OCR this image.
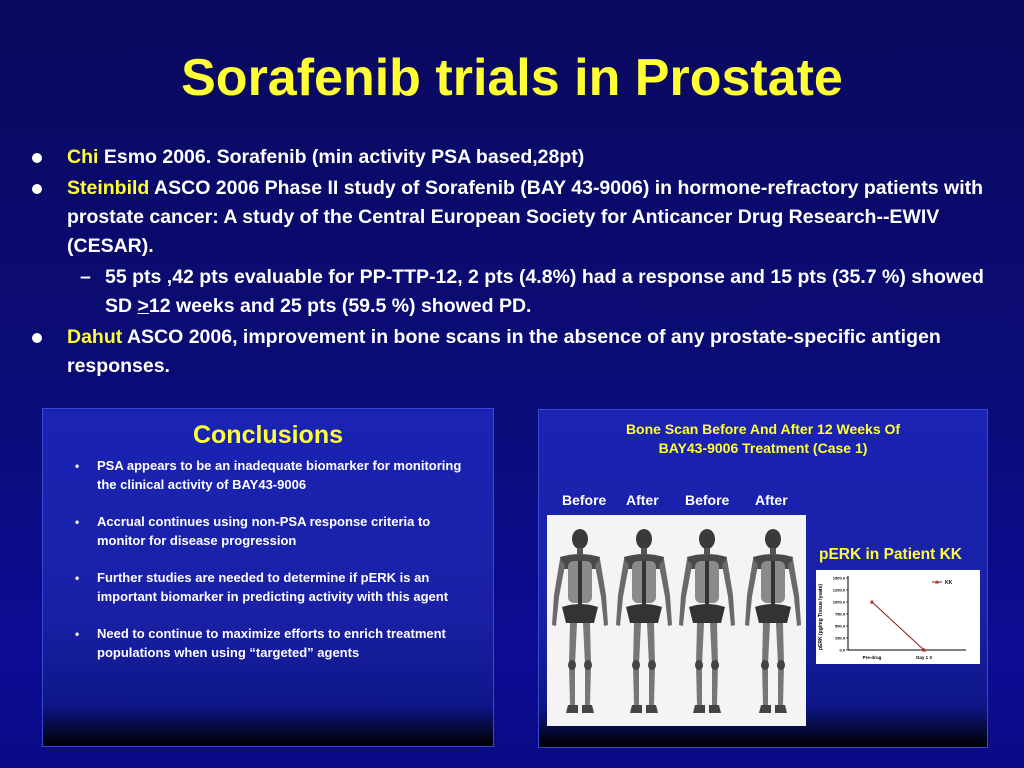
Sorafenib trials in Prostate
Chi Esmo 2006. Sorafenib (min activity PSA based,28pt)
Steinbild ASCO 2006 Phase II study of Sorafenib (BAY 43-9006) in hormone-refractory patients with prostate cancer: A study of the Central European Society for Anticancer Drug Research--EWIV (CESAR).
– 55 pts ,42 pts evaluable for PP-TTP-12, 2 pts (4.8%) had a response and 15 pts (35.7 %) showed SD >12 weeks and 25 pts (59.5 %) showed PD.
Dahut ASCO 2006, improvement in bone scans in the absence of any prostate-specific antigen responses.
Conclusions
• PSA appears to be an inadequate biomarker for monitoring the clinical activity of BAY43-9006
• Accrual continues using non-PSA response criteria to monitor for disease progression
• Further studies are needed to determine if pERK is an important biomarker in predicting activity with this agent
• Need to continue to maximize efforts to enrich treatment populations when using “targeted” agents
Bone Scan Before And After 12 Weeks Of
BAY43-9006 Treatment (Case 1)
Before After Before After
pERK in Patient KK
pERK (pg/mg Tissue lysate)
1500.0
1250.0
1000.0
750.0
500.0
250.0
0.0
Pre-drug	Day 1 3
KK
